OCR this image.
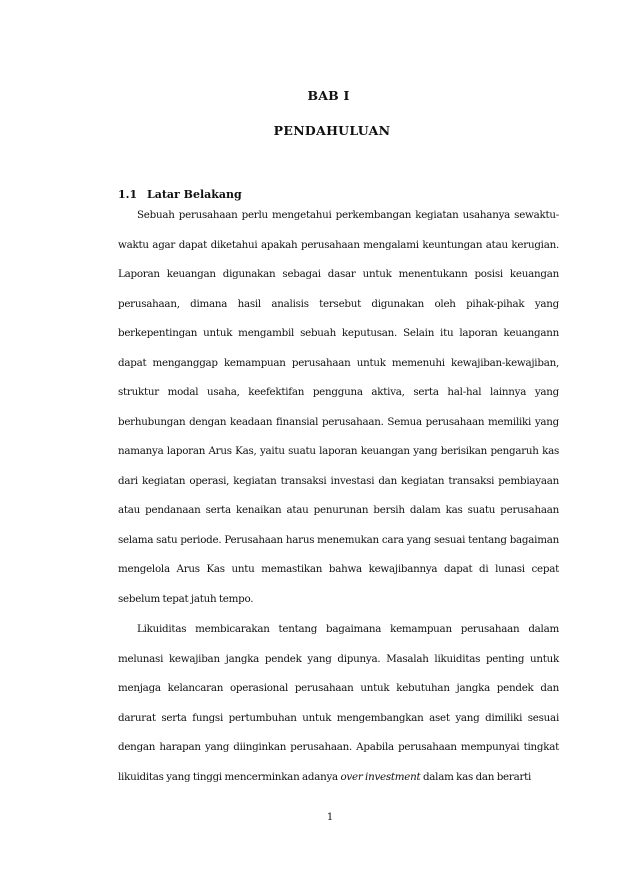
BAB I
PENDAHULUAN
1.1 Latar Belakang

Sebuah perusahaan perlu mengetahui perkembangan kegiatan usahanya sewaktu-waktu agar dapat diketahui apakah perusahaan mengalami keuntungan atau kerugian. Laporan keuangan digunakan sebagai dasar untuk menentukann posisi keuangan perusahaan, dimana hasil analisis tersebut digunakan oleh pihak-pihak yang berkepentingan untuk mengambil sebuah keputusan. Selain itu laporan keuangann dapat menganggap kemampuan perusahaan untuk memenuhi kewajiban-kewajiban, struktur modal usaha, keefektifan pengguna aktiva, serta hal-hal lainnya yang berhubungan dengan keadaan finansial perusahaan. Semua perusahaan memiliki yang namanya laporan Arus Kas, yaitu suatu laporan keuangan yang berisikan pengaruh kas dari kegiatan operasi, kegiatan transaksi investasi dan kegiatan transaksi pembiayaan atau pendanaan serta kenaikan atau penurunan bersih dalam kas suatu perusahaan selama satu periode. Perusahaan harus menemukan cara yang sesuai tentang bagaiman mengelola Arus Kas untu memastikan bahwa kewajibannya dapat di lunasi cepat sebelum tepat jatuh tempo.

Likuiditas membicarakan tentang bagaimana kemampuan perusahaan dalam melunasi kewajiban jangka pendek yang dipunya. Masalah likuiditas penting untuk menjaga kelancaran operasional perusahaan untuk kebutuhan jangka pendek dan darurat serta fungsi pertumbuhan untuk mengembangkan aset yang dimiliki sesuai dengan harapan yang diinginkan perusahaan. Apabila perusahaan mempunyai tingkat likuiditas yang tinggi mencerminkan adanya over investment dalam kas dan berarti

1
